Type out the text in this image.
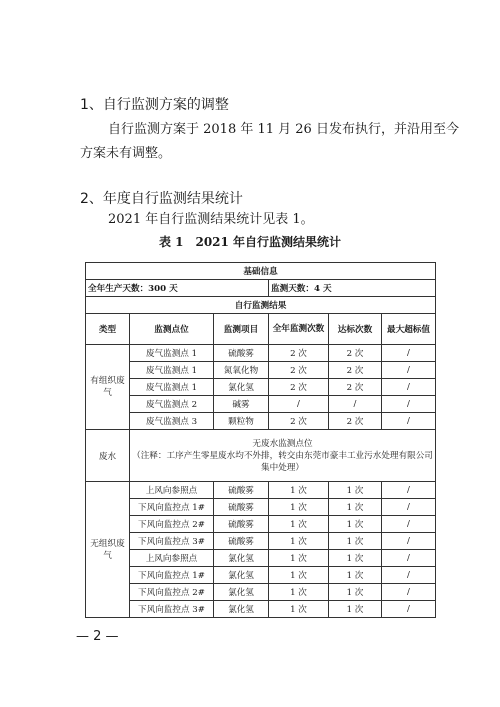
1、自行监测方案的调整
自行监测方案于 2018 年 11 月 26 日发布执行，并沿用至今
方案未有调整。
2、年度自行监测结果统计
2021 年自行监测结果统计见表 1。
表 1　2021 年自行监测结果统计
基础信息					
全年生产天数：300 天			监测天数：4 天		
自行监测结果					
类型	监测点位	监测项目	全年监测次数	达标次数	最大超标值
有组织废气	废气监测点 1	硫酸雾	2 次	2 次	/
	废气监测点 1	氮氧化物	2 次	2 次	/
	废气监测点 1	氯化氢	2 次	2 次	/
	废气监测点 2	碱雾	/	/	/
	废气监测点 3	颗粒物	2 次	2 次	/
废水	无废水监测点位
（注释：工序产生零星废水均不外排，转交由东莞市豪丰工业污水处理有限公司集中处理）				

无组织废气	上风向参照点	硫酸雾	1 次	1 次	/
	下风向监控点 1#	硫酸雾	1 次	1 次	/
	下风向监控点 2#	硫酸雾	1 次	1 次	/
	下风向监控点 3#	硫酸雾	1 次	1 次	/
	上风向参照点	氯化氢	1 次	1 次	/
	下风向监控点 1#	氯化氢	1 次	1 次	/
	下风向监控点 2#	氯化氢	1 次	1 次	/
	下风向监控点 3#	氯化氢	1 次	1 次	/
— 2 —
